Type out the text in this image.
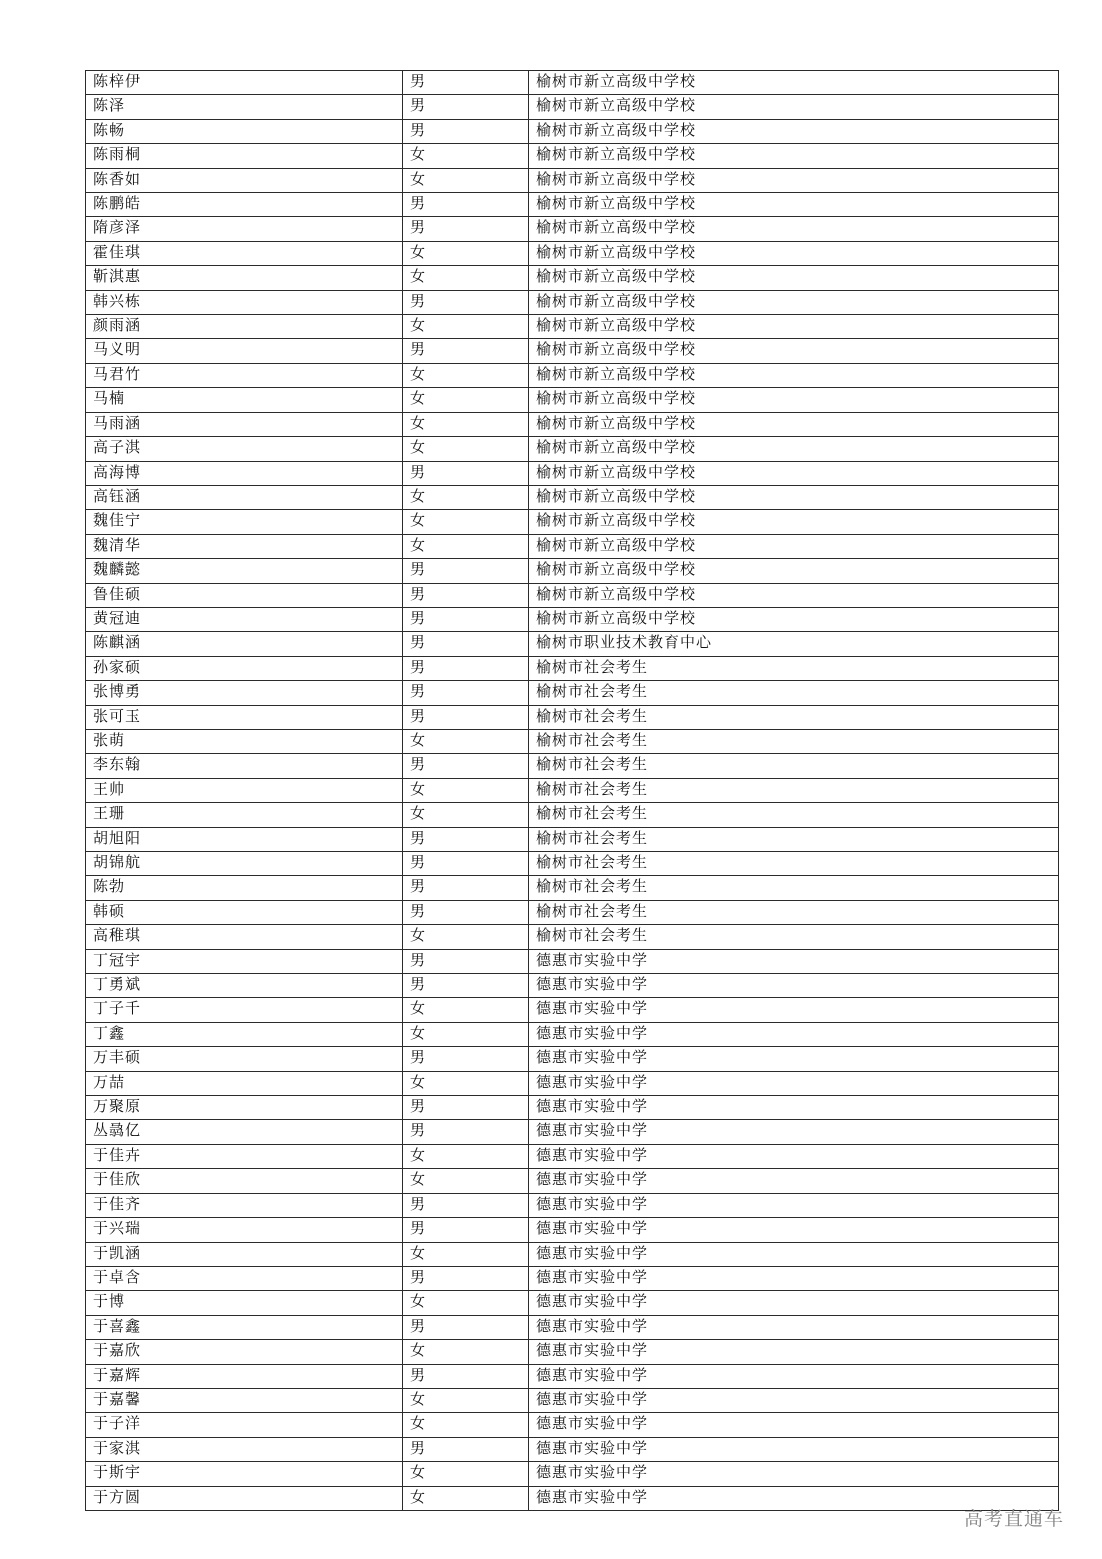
陈梓伊	男	榆树市新立高级中学校
陈泽	男	榆树市新立高级中学校
陈畅	男	榆树市新立高级中学校
陈雨桐	女	榆树市新立高级中学校
陈香如	女	榆树市新立高级中学校
陈鹏皓	男	榆树市新立高级中学校
隋彦泽	男	榆树市新立高级中学校
霍佳琪	女	榆树市新立高级中学校
靳淇惠	女	榆树市新立高级中学校
韩兴栋	男	榆树市新立高级中学校
颜雨涵	女	榆树市新立高级中学校
马义明	男	榆树市新立高级中学校
马君竹	女	榆树市新立高级中学校
马楠	女	榆树市新立高级中学校
马雨涵	女	榆树市新立高级中学校
高子淇	女	榆树市新立高级中学校
高海博	男	榆树市新立高级中学校
高钰涵	女	榆树市新立高级中学校
魏佳宁	女	榆树市新立高级中学校
魏清华	女	榆树市新立高级中学校
魏麟懿	男	榆树市新立高级中学校
鲁佳硕	男	榆树市新立高级中学校
黄冠迪	男	榆树市新立高级中学校
陈麒涵	男	榆树市职业技术教育中心
孙家硕	男	榆树市社会考生
张博勇	男	榆树市社会考生
张可玉	男	榆树市社会考生
张萌	女	榆树市社会考生
李东翰	男	榆树市社会考生
王帅	女	榆树市社会考生
王珊	女	榆树市社会考生
胡旭阳	男	榆树市社会考生
胡锦航	男	榆树市社会考生
陈勃	男	榆树市社会考生
韩硕	男	榆树市社会考生
高稚琪	女	榆树市社会考生
丁冠宇	男	德惠市实验中学
丁勇斌	男	德惠市实验中学
丁子千	女	德惠市实验中学
丁鑫	女	德惠市实验中学
万丰硕	男	德惠市实验中学
万喆	女	德惠市实验中学
万聚原	男	德惠市实验中学
丛骉亿	男	德惠市实验中学
于佳卉	女	德惠市实验中学
于佳欣	女	德惠市实验中学
于佳齐	男	德惠市实验中学
于兴瑞	男	德惠市实验中学
于凯涵	女	德惠市实验中学
于卓含	男	德惠市实验中学
于博	女	德惠市实验中学
于喜鑫	男	德惠市实验中学
于嘉欣	女	德惠市实验中学
于嘉辉	男	德惠市实验中学
于嘉馨	女	德惠市实验中学
于子洋	女	德惠市实验中学
于家淇	男	德惠市实验中学
于斯宇	女	德惠市实验中学
于方圆	女	德惠市实验中学
高考直通车
